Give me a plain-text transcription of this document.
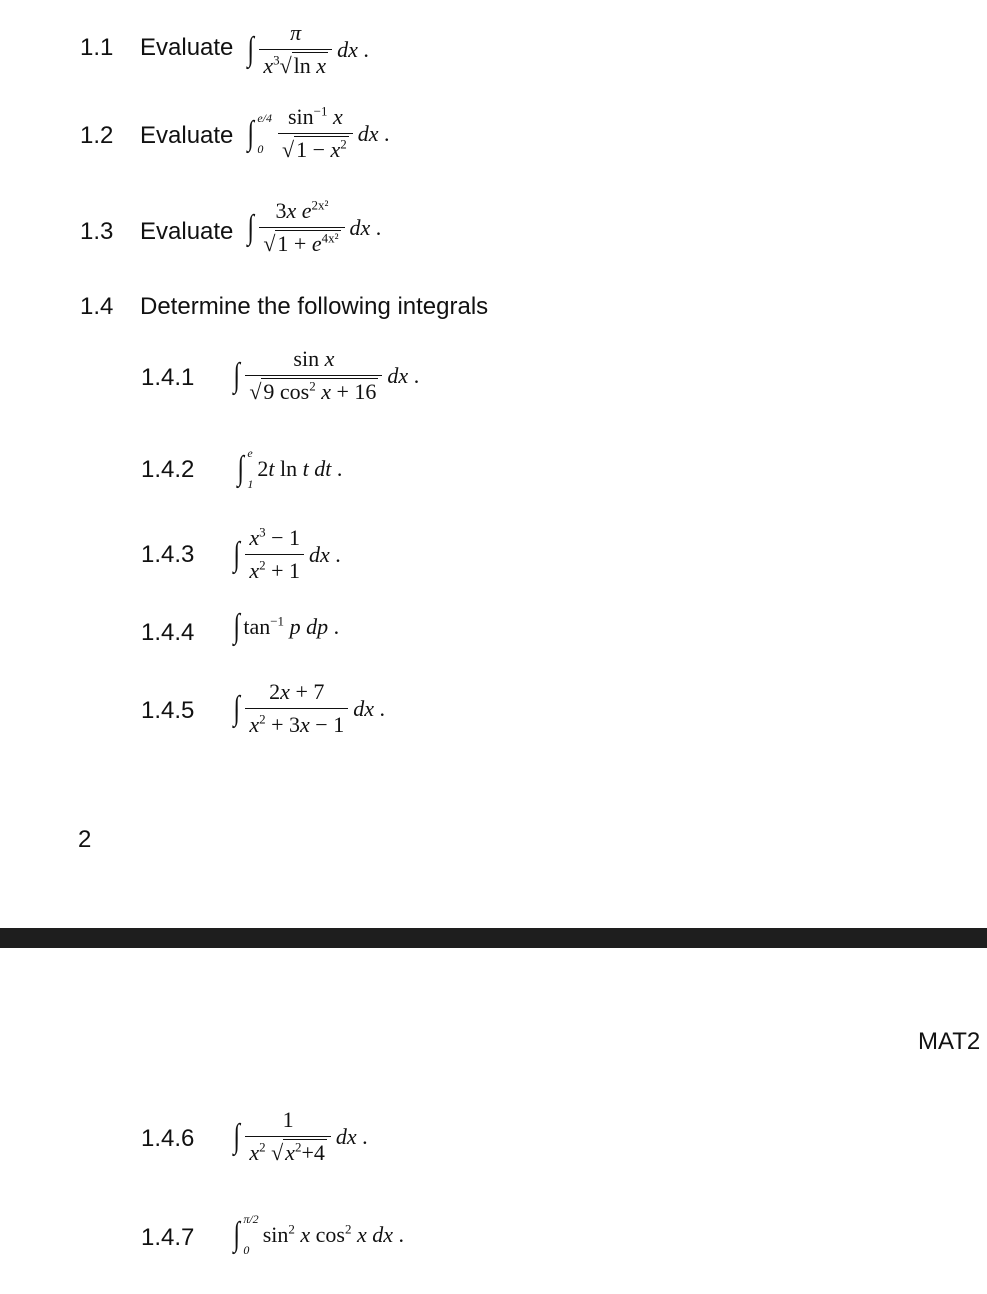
1.1 Evaluate ∫ $\frac{\pi}{x^3√\ln x}$ dx .
1.2 Evaluate ∫ e/4
$0 \frac{\sin^{-1} x}{√1 - x^2}$ dx .
1.3 Evaluate ∫ $\frac{3x e^{2x^2}}{√1 + e^{4x^2}}$ dx .
1.4 Determine the following integrals
1.4.1 ∫ $\frac{\text{sin x}}{√9 \cos^2 x + 16}$ dx .
1.4.2 ∫ e
1
2t ln t dt .
1.4.3 ∫ $\frac{x^3 - 1}{x^2 + 1}$ dx .
1.4.4 ∫ $\tan^{-1} p$ dp .
1.4.5 ∫ $\frac{2x + 7}{x^2 + 3x - 1}$ dx .
2
MAT2
1.4.6 ∫ $\frac{1}{x^2 √x^2+4}$ dx .
1.4.7 ∫ π/2
0
$\sin^2 x$ $\cos^2 x$ dx .
